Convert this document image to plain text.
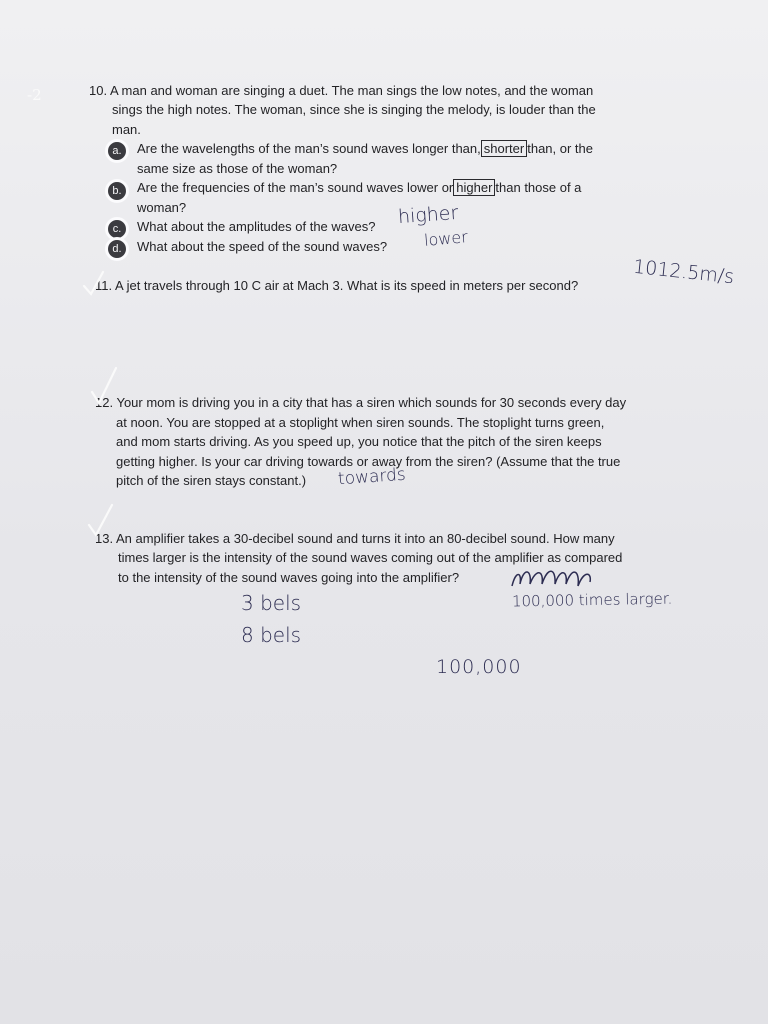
-2	10. A man and woman are singing a duet. The man sings the low notes, and the woman
sings the high notes. The woman, since she is singing the melody, is louder than the
man.
a.	Are the wavelengths of the man’s sound waves longer than, shorter than, or the
same size as those of the woman?
b.	Are the frequencies of the man’s sound waves lower or higher than those of a
woman?
c.	What about the amplitudes of the waves? higher
d.	What about the speed of the sound waves? lower
11. A jet travels through 10 C air at Mach 3. What is its speed in meters per second?	1012.5m/s
12. Your mom is driving you in a city that has a siren which sounds for 30 seconds every day
at noon. You are stopped at a stoplight when siren sounds. The stoplight turns green,
and mom starts driving. As you speed up, you notice that the pitch of the siren keeps
getting higher. Is your car driving towards or away from the siren? (Assume that the true
pitch of the siren stays constant.) towards
13. An amplifier takes a 30-decibel sound and turns it into an 80-decibel sound. How many
times larger is the intensity of the sound waves coming out of the amplifier as compared
to the intensity of the sound waves going into the amplifier?
3 bels
8 bels
100,000
100,000 times larger.
